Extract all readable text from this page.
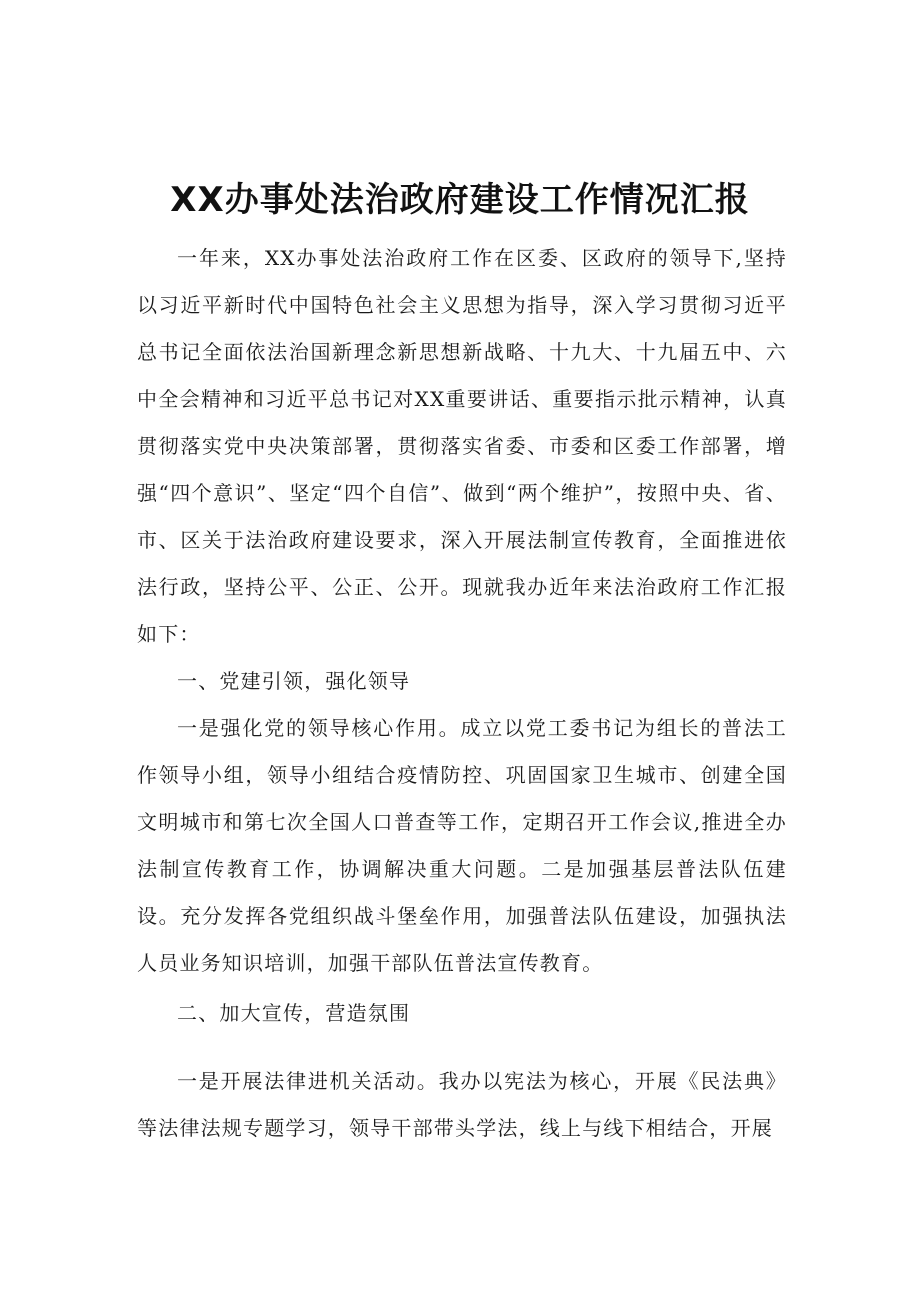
XX办事处法治政府建设工作情况汇报

一年来，XX办事处法治政府工作在区委、区政府的领导下,坚持以习近平新时代中国特色社会主义思想为指导，深入学习贯彻习近平总书记全面依法治国新理念新思想新战略、十九大、十九届五中、六中全会精神和习近平总书记对XX重要讲话、重要指示批示精神，认真贯彻落实党中央决策部署，贯彻落实省委、市委和区委工作部署，增强“四个意识”、坚定“四个自信”、做到“两个维护”，按照中央、省、市、区关于法治政府建设要求，深入开展法制宣传教育，全面推进依法行政，坚持公平、公正、公开。现就我办近年来法治政府工作汇报如下：

一、党建引领，强化领导

一是强化党的领导核心作用。成立以党工委书记为组长的普法工作领导小组，领导小组结合疫情防控、巩固国家卫生城市、创建全国文明城市和第七次全国人口普查等工作，定期召开工作会议,推进全办法制宣传教育工作，协调解决重大问题。二是加强基层普法队伍建设。充分发挥各党组织战斗堡垒作用，加强普法队伍建设，加强执法人员业务知识培训，加强干部队伍普法宣传教育。

二、加大宣传，营造氛围

一是开展法律进机关活动。我办以宪法为核心，开展《民法典》等法律法规专题学习，领导干部带头学法，线上与线下相结合，开展
